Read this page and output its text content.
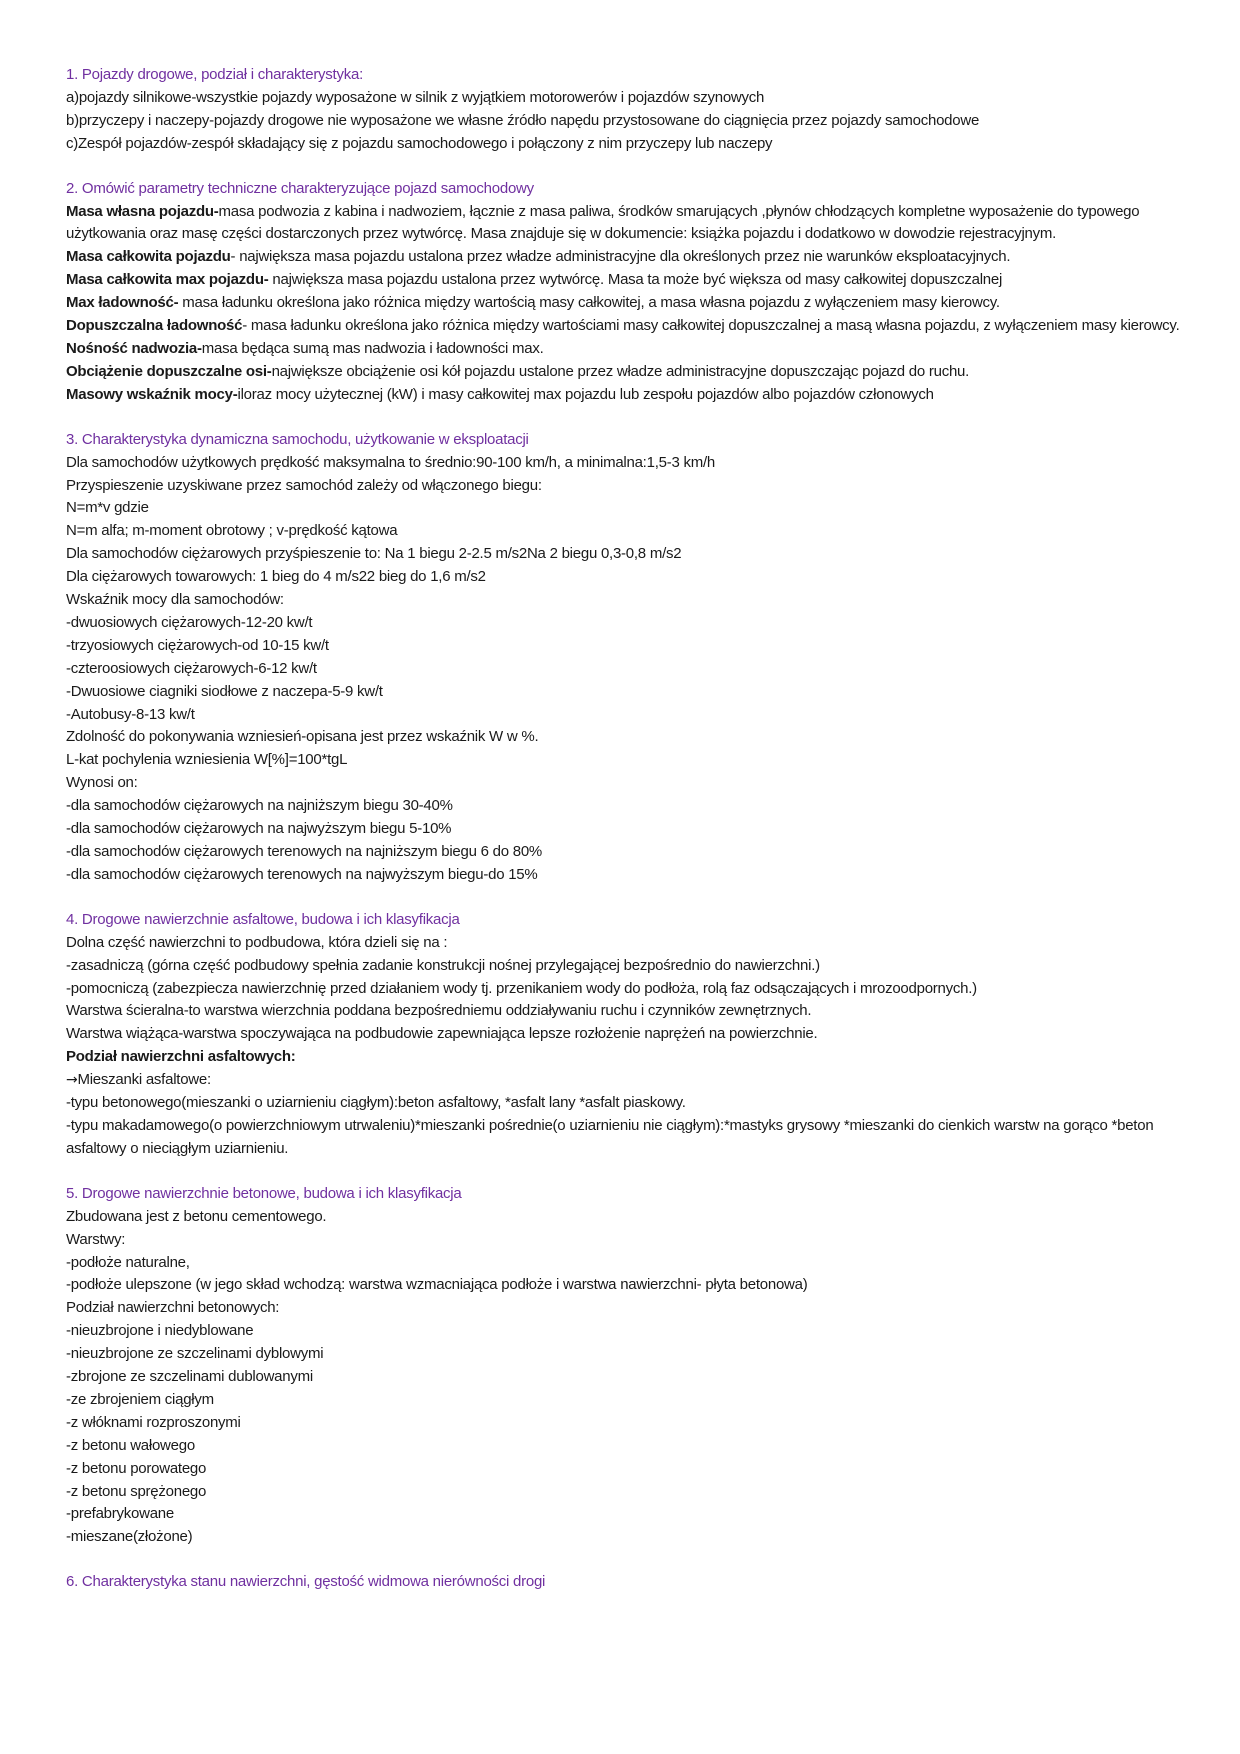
1. Pojazdy drogowe, podział i charakterystyka:
a)pojazdy silnikowe-wszystkie pojazdy wyposażone w silnik z wyjątkiem motorowerów i pojazdów szynowych
b)przyczepy i naczepy-pojazdy drogowe nie wyposażone we własne źródło napędu przystosowane do ciągnięcia przez pojazdy samochodowe
c)Zespół pojazdów-zespół składający się z pojazdu samochodowego i połączony z nim przyczepy lub naczepy
2. Omówić parametry techniczne charakteryzujące pojazd samochodowy
Masa własna pojazdu-masa podwozia z kabina i nadwoziem, łącznie z masa paliwa, środków smarujących ,płynów chłodzących kompletne wyposażenie do typowego użytkowania oraz masę części dostarczonych przez wytwórcę. Masa znajduje się w dokumencie: książka pojazdu i dodatkowo w dowodzie rejestracyjnym.
Masa całkowita pojazdu- największa masa pojazdu ustalona przez władze administracyjne dla określonych przez nie warunków eksploatacyjnych.
Masa całkowita max pojazdu- największa masa pojazdu ustalona przez wytwórcę. Masa ta może być większa od masy całkowitej dopuszczalnej
Max ładowność- masa ładunku określona jako różnica między wartością masy całkowitej, a masa własna pojazdu z wyłączeniem masy kierowcy.
Dopuszczalna ładowność- masa ładunku określona jako różnica między wartościami masy całkowitej dopuszczalnej a masą własna pojazdu, z wyłączeniem masy kierowcy.
Nośność nadwozia-masa będąca sumą mas nadwozia i ładowności max.
Obciążenie dopuszczalne osi-największe obciążenie osi kół pojazdu ustalone przez władze administracyjne dopuszczając pojazd do ruchu.
Masowy wskaźnik mocy-iloraz mocy użytecznej (kW) i masy całkowitej max pojazdu lub zespołu pojazdów albo pojazdów członowych
3. Charakterystyka dynamiczna samochodu, użytkowanie w eksploatacji
Dla samochodów użytkowych prędkość maksymalna to średnio:90-100 km/h, a minimalna:1,5-3 km/h
Przyspieszenie uzyskiwane przez samochód zależy od włączonego biegu:
N=m*v gdzie
N=m alfa; m-moment obrotowy ; v-prędkość kątowa
Dla samochodów ciężarowych przyśpieszenie to: Na 1 biegu 2-2.5 m/s2Na 2 biegu 0,3-0,8 m/s2
Dla ciężarowych towarowych: 1 bieg do 4 m/s22 bieg do 1,6 m/s2
Wskaźnik mocy dla samochodów:
-dwuosiowych ciężarowych-12-20 kw/t
-trzyosiowych ciężarowych-od 10-15 kw/t
-czteroosiowych ciężarowych-6-12 kw/t
-Dwuosiowe ciagniki siodłowe z naczepa-5-9 kw/t
-Autobusy-8-13 kw/t
Zdolność do pokonywania wzniesień-opisana jest przez wskaźnik W w %.
L-kat pochylenia wzniesienia W[%]=100*tgL
Wynosi on:
-dla samochodów ciężarowych na najniższym biegu 30-40%
-dla samochodów ciężarowych na najwyższym biegu 5-10%
-dla samochodów ciężarowych terenowych na najniższym biegu 6 do 80%
-dla samochodów ciężarowych terenowych na najwyższym biegu-do 15%
4. Drogowe nawierzchnie asfaltowe, budowa i ich klasyfikacja
Dolna część nawierzchni to podbudowa, która dzieli się na :
-zasadniczą (górna część podbudowy spełnia zadanie konstrukcji nośnej przylegającej bezpośrednio do nawierzchni.)
-pomocniczą (zabezpiecza nawierzchnię przed działaniem wody tj. przenikaniem wody do podłoża, rolą faz odsączających i mrozoodpornych.)
Warstwa ścieralna-to warstwa wierzchnia poddana bezpośredniemu oddziaływaniu ruchu i czynników zewnętrznych.
Warstwa wiążąca-warstwa spoczywająca na podbudowie zapewniająca lepsze rozłożenie naprężeń na powierzchnie.
Podział nawierzchni asfaltowych:
→Mieszanki asfaltowe:
-typu betonowego(mieszanki o uziarnieniu ciągłym):beton asfaltowy, *asfalt lany *asfalt piaskowy.
-typu makadamowego(o powierzchniowym utrwaleniu)*mieszanki pośrednie(o uziarnieniu nie ciągłym):*mastyks grysowy *mieszanki do cienkich warstw na gorąco *beton asfaltowy o nieciągłym uziarnieniu.
5. Drogowe nawierzchnie betonowe, budowa i ich klasyfikacja
Zbudowana jest z betonu cementowego.
Warstwy:
-podłoże naturalne,
-podłoże ulepszone (w jego skład wchodzą: warstwa wzmacniająca podłoże i warstwa nawierzchni- płyta betonowa)
Podział nawierzchni betonowych:
-nieuzbrojone i niedyblowane
-nieuzbrojone ze szczelinami dyblowymi
-zbrojone ze szczelinami dublowanymi
-ze zbrojeniem ciągłym
-z włóknami rozproszonymi
-z betonu wałowego
-z betonu porowatego
-z betonu sprężonego
-prefabrykowane
-mieszane(złożone)
6. Charakterystyka stanu nawierzchni, gęstość widmowa nierówności drogi
